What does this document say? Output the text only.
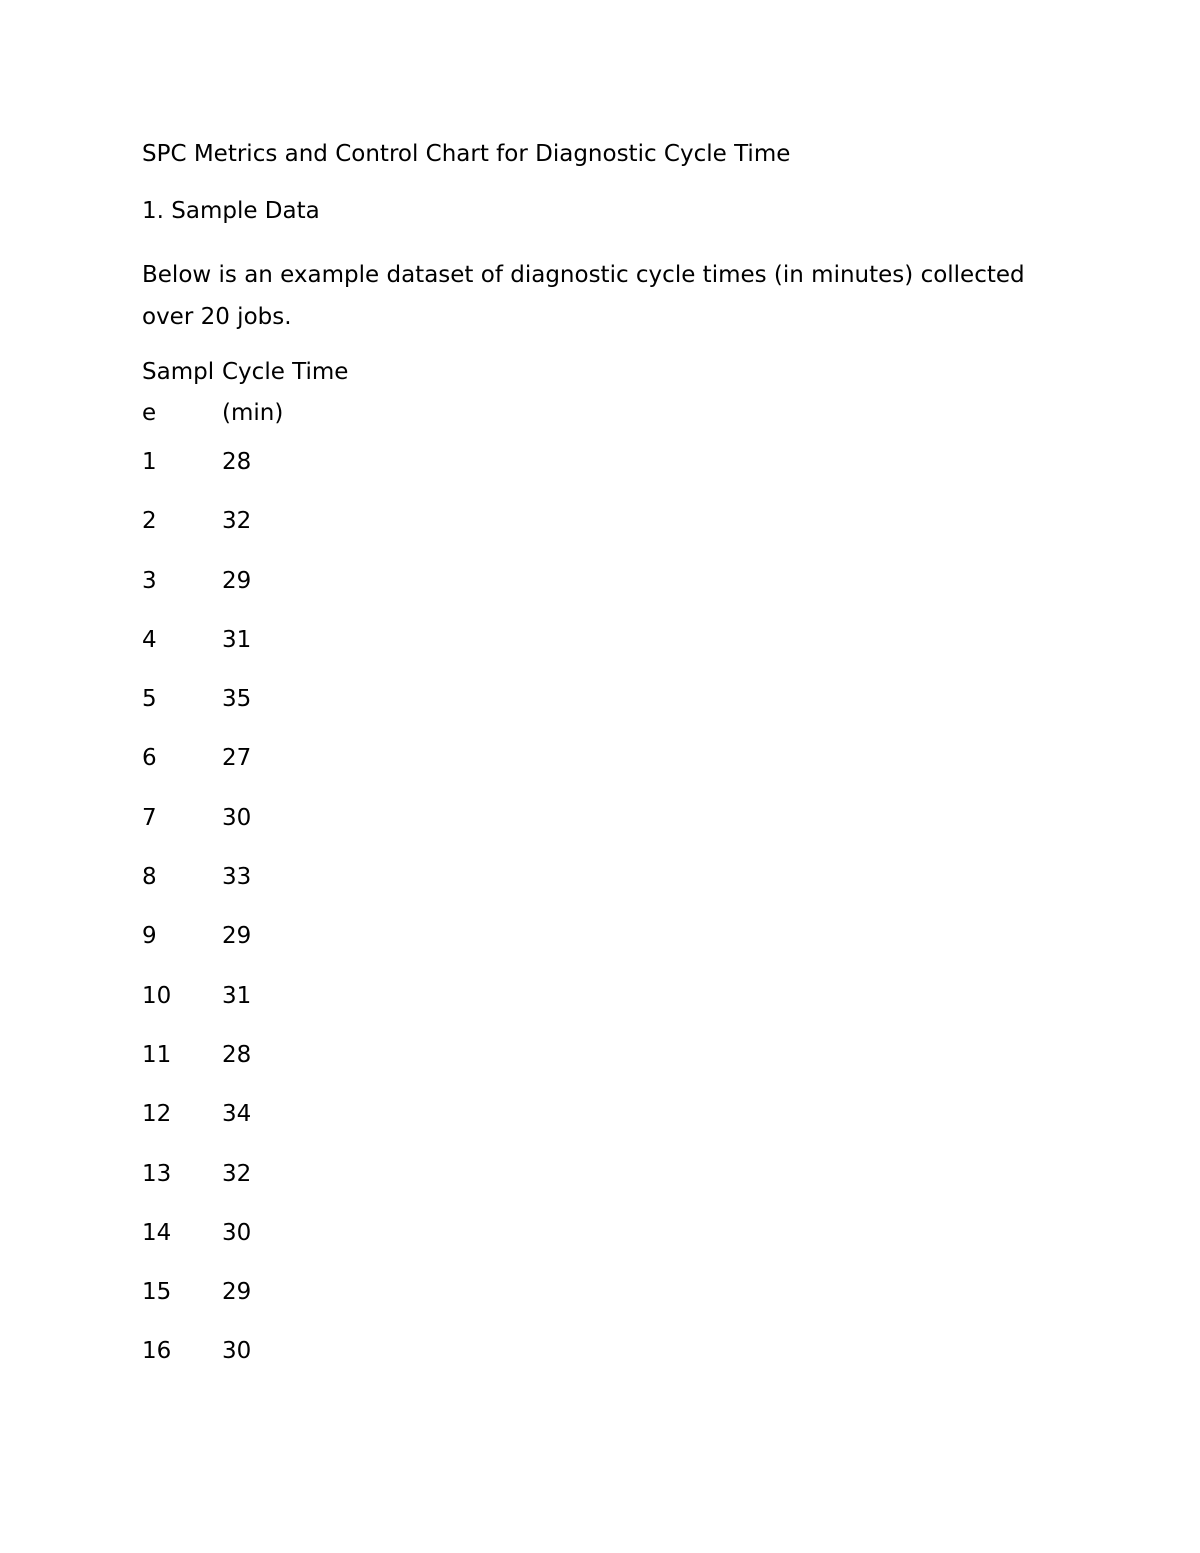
SPC Metrics and Control Chart for Diagnostic Cycle Time
1. Sample Data

Below is an example dataset of diagnostic cycle times (in minutes) collected over 20 jobs.

Sample	Cycle Time (min)
1	28
2	32
3	29
4	31
5	35
6	27
7	30
8	33
9	29
10	31
11	28
12	34
13	32
14	30
15	29
16	30
